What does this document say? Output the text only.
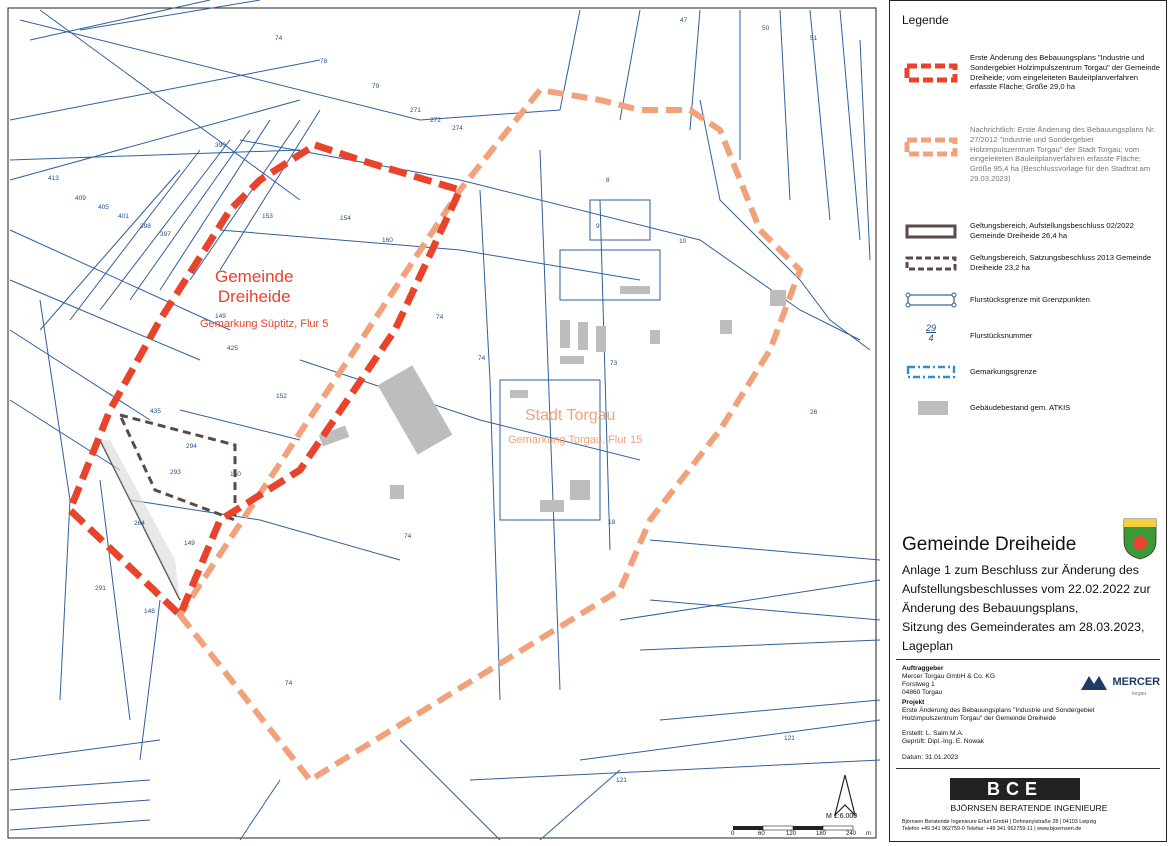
74
78
79
271
272
274
390
413
409
405
401
398
397
149
425
152
435
294
293	150
264
149
291
148
74
74
74
74
73
10
26
8
9
18
121
153	154
160
121
47
50
51
Gemeinde
Dreiheide
Gemarkung Süptitz, Flur 5
Stadt Torgau
Gemarkung Torgau, Flur 15
M 1:6.000
0	60	120	180	240 m
Legende
Erste Änderung des Bebauungsplans "Industrie und Sondergebiet Holzimpulszentrum Torgau" der Gemeinde Dreiheide; vom eingeleiteten Bauleitplanverfahren erfasste Fläche; Größe 29,0 ha
Nachrichtlich: Erste Änderung des Bebauungsplans Nr. 27/2012 "Industrie und Sondergebiet Holzimpulszentrum Torgau" der Stadt Torgau; vom eingeleiteten Bauleitplanverfahren erfasste Fläche; Größe 95,4 ha (Beschlussvorlage für den Stadtrat am 29.03.2023)
Geltungsbereich, Aufstellungsbeschluss 02/2022 Gemeinde Dreiheide 26,4 ha
Geltungsbereich, Satzungsbeschluss 2013 Gemeinde Dreiheide 23,2 ha
Flurstücksgrenze mit Grenzpunkten
29
4	Flurstücksnummer
Gemarkungsgrenze
Gebäudebestand gem. ATKIS
Gemeinde Dreiheide
Anlage 1 zum Beschluss zur Änderung des
Aufstellungsbeschlusses vom 22.02.2022 zur
Änderung des Bebauungsplans,
Sitzung des Gemeinderates am 28.03.2023,
Lageplan
Auftraggeber
Mercer Torgau GmbH & Co. KG
Forstweg 1
04860 Torgau
MERCER
torgau
Projekt
Erste Änderung des Bebauungsplans "Industrie und Sondergebiet Holzimpulszentrum Torgau" der Gemeinde Dreiheide
Erstellt: L. Salm M.A.
Geprüft: Dipl.-Ing. E. Nowak
Datum: 31.01.2023
BCE
BJÖRNSEN BERATENDE INGENIEURE
Björnsen Beratende Ingenieure Erfurt GmbH | Dohnanyistraße 28 | 04103 Leipzig
Telefon +49 341 962759-0 Telefax: +49 341 962759-11 | www.bjoernsen.de
